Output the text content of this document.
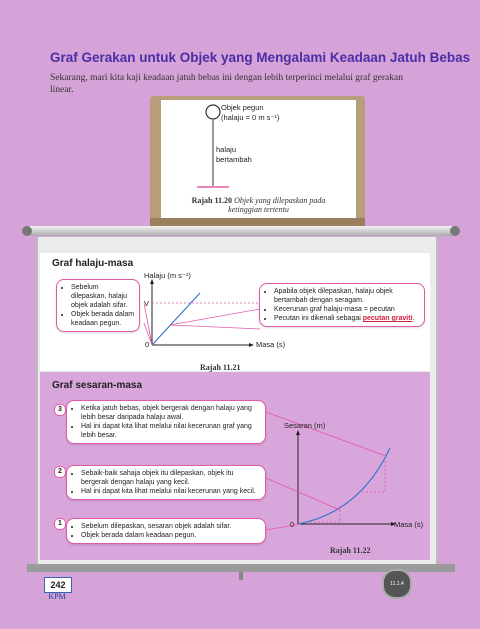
Graf Gerakan untuk Objek yang Mengalami Keadaan Jatuh Bebas
Sekarang, mari kita kaji keadaan jatuh bebas ini dengan lebih terperinci melalui graf gerakan linear.
Objek pegun
(halaju = 0 m s⁻¹)
halaju
bertambah
Rajah 11.20 Objek yang dilepaskan pada
ketinggian tertentu
Graf halaju-masa
Halaju (m s⁻¹)
Masa (s)
V
0
• Sebelum dilepaskan, halaju objek adalah sifar.
• Objek berada dalam keadaan pegun.
• Apabila objek dilepaskan, halaju objek bertambah dengan seragam.
• Kecerunan graf halaju-masa = pecutan
• Pecutan ini dikenali sebagai pecutan graviti.
Rajah 11.21
Graf sesaran-masa
Sesaran (m)
Masa (s)
0
3	• Ketika jatuh bebas, objek bergerak dengan halaju yang lebih besar daripada halaju awal.
• Hal ini dapat kita lihat melalui nilai kecerunan graf yang lebih besar.
2	• Sebaik-baik sahaja objek itu dilepaskan, objek itu bergerak dengan halaju yang kecil.
• Hal ini dapat kita lihat melalui nilai kecerunan yang kecil.
1	• Sebelum dilepaskan, sesaran objek adalah sifar.
• Objek berada dalam keadaan pegun.
Rajah 11.22
242
KPM
11.1.4
